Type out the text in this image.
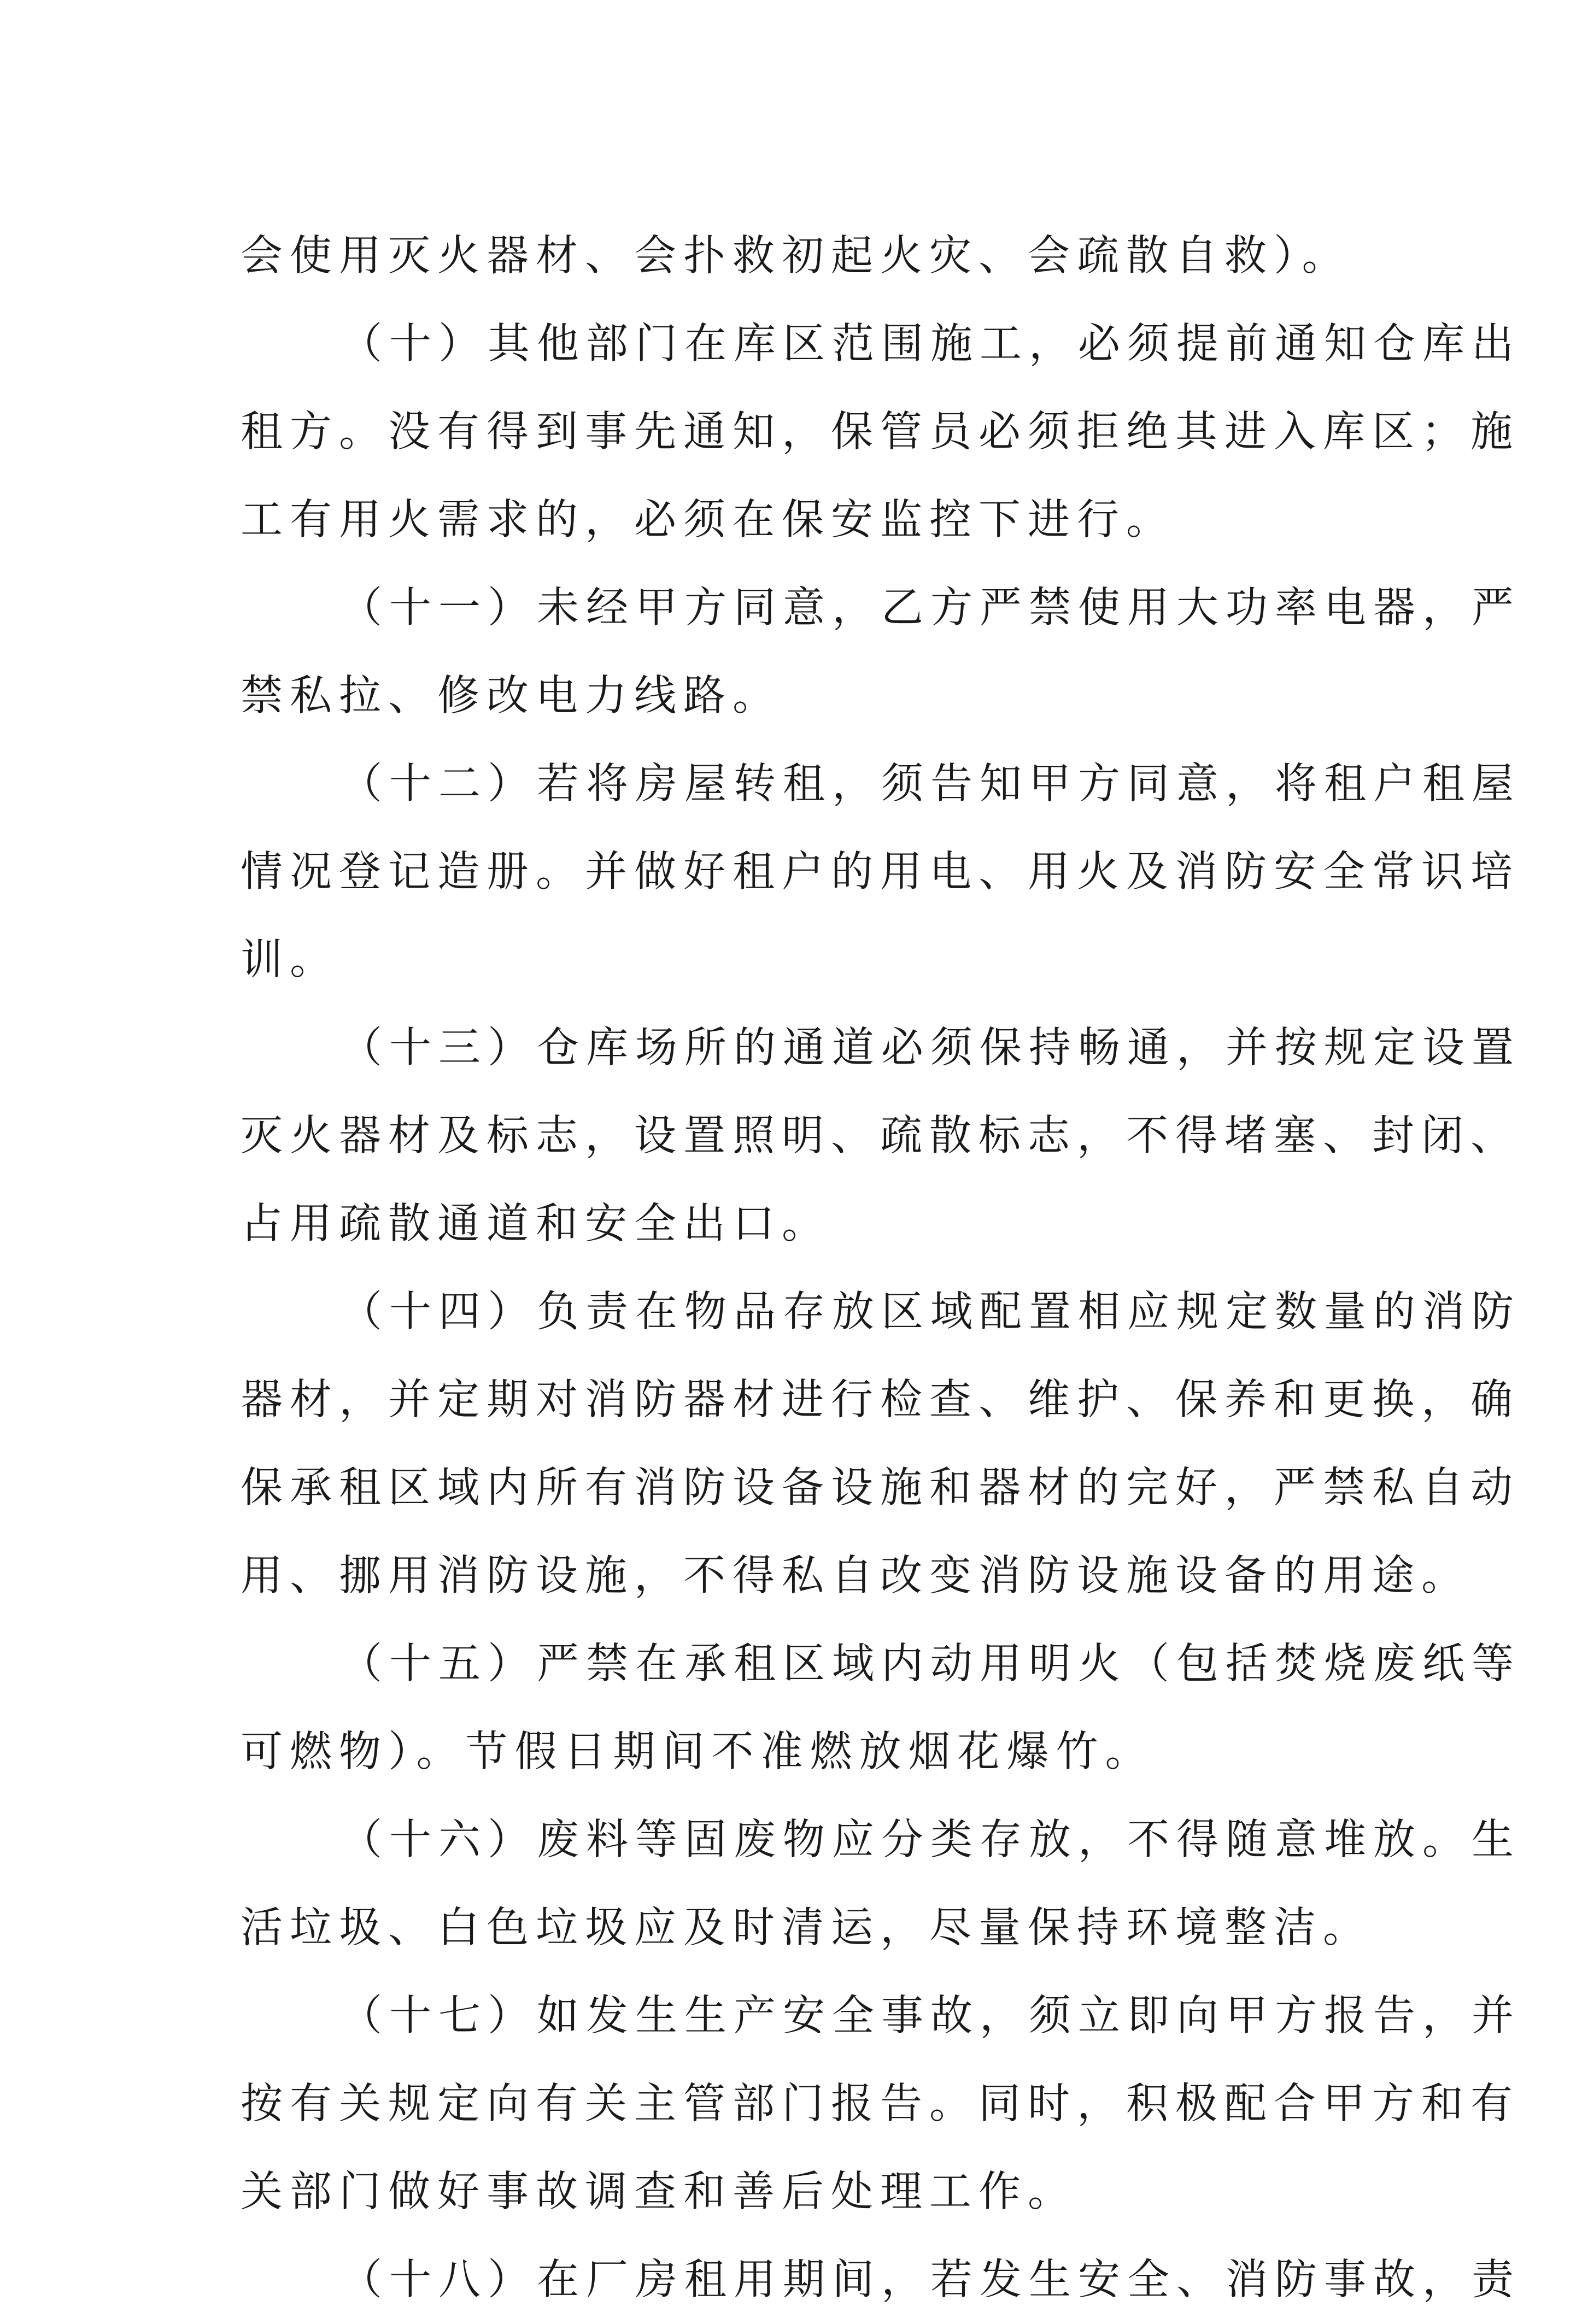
会使用灭火器材、会扑救初起火灾、会疏散自救）。
（十）其他部门在库区范围施工，必须提前通知仓库出
租方。没有得到事先通知，保管员必须拒绝其进入库区；施
工有用火需求的，必须在保安监控下进行。
（十一）未经甲方同意，乙方严禁使用大功率电器，严
禁私拉、修改电力线路。
（十二）若将房屋转租，须告知甲方同意，将租户租屋
情况登记造册。并做好租户的用电、用火及消防安全常识培
训。
（十三）仓库场所的通道必须保持畅通，并按规定设置
灭火器材及标志，设置照明、疏散标志，不得堵塞、封闭、
占用疏散通道和安全出口。
（十四）负责在物品存放区域配置相应规定数量的消防
器材，并定期对消防器材进行检查、维护、保养和更换，确
保承租区域内所有消防设备设施和器材的完好，严禁私自动
用、挪用消防设施，不得私自改变消防设施设备的用途。
（十五）严禁在承租区域内动用明火（包括焚烧废纸等
可燃物）。节假日期间不准燃放烟花爆竹。
（十六）废料等固废物应分类存放，不得随意堆放。生
活垃圾、白色垃圾应及时清运，尽量保持环境整洁。
（十七）如发生生产安全事故，须立即向甲方报告，并
按有关规定向有关主管部门报告。同时，积极配合甲方和有
关部门做好事故调查和善后处理工作。
（十八）在厂房租用期间，若发生安全、消防事故，责
